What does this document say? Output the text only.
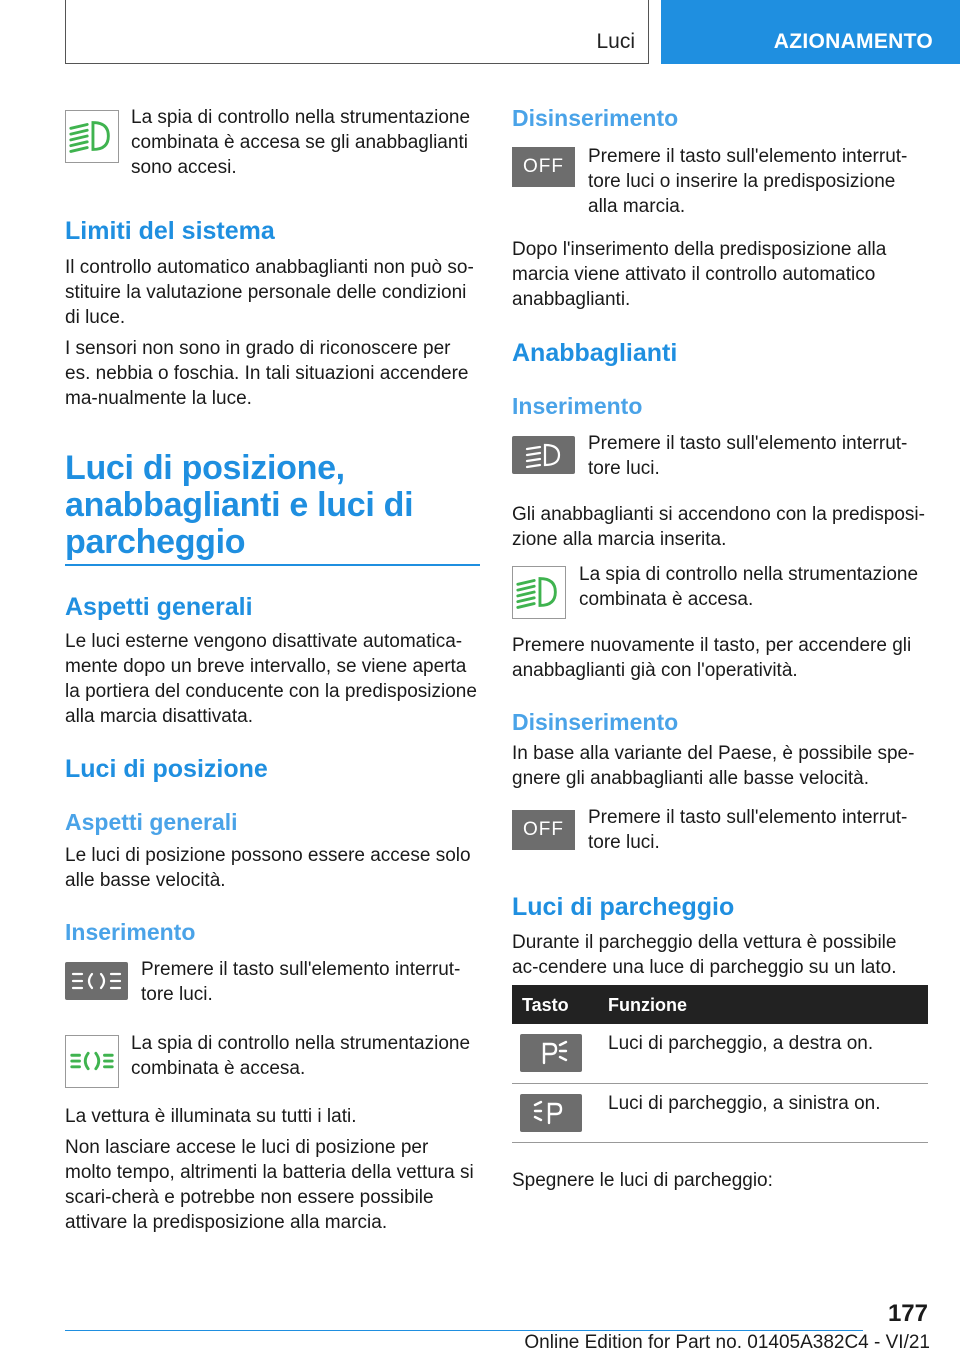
Luci	AZIONAMENTO
La spia di controllo nella strumentazione combinata è accesa se gli anabbaglianti sono accesi.
Limiti del sistema
Il controllo automatico anabbaglianti non può so-stituire la valutazione personale delle condizioni di luce.
I sensori non sono in grado di riconoscere per es. nebbia o foschia. In tali situazioni accendere ma-nualmente la luce.
Luci di posizione,
anabbaglianti e luci di
parcheggio
Aspetti generali
Le luci esterne vengono disattivate automatica-mente dopo un breve intervallo, se viene aperta la portiera del conducente con la predisposizione alla marcia disattivata.
Luci di posizione
Aspetti generali
Le luci di posizione possono essere accese solo alle basse velocità.
Inserimento
Premere il tasto sull'elemento interrut-tore luci.
La spia di controllo nella strumentazione combinata è accesa.
La vettura è illuminata su tutti i lati.
Non lasciare accese le luci di posizione per molto tempo, altrimenti la batteria della vettura si scari-cherà e potrebbe non essere possibile attivare la predisposizione alla marcia.
Disinserimento
OFF	Premere il tasto sull'elemento interrut-tore luci o inserire la predisposizione alla marcia.
Dopo l'inserimento della predisposizione alla marcia viene attivato il controllo automatico anabbaglianti.
Anabbaglianti
Inserimento
Premere il tasto sull'elemento interrut-tore luci.
Gli anabbaglianti si accendono con la predisposi-zione alla marcia inserita.
La spia di controllo nella strumentazione combinata è accesa.
Premere nuovamente il tasto, per accendere gli anabbaglianti già con l'operatività.
Disinserimento
In base alla variante del Paese, è possibile spe-gnere gli anabbaglianti alle basse velocità.
OFF
Premere il tasto sull'elemento interrut-tore luci.
Luci di parcheggio
Durante il parcheggio della vettura è possibile ac-cendere una luce di parcheggio su un lato.
Tasto Funzione
Luci di parcheggio, a destra on.
Luci di parcheggio, a sinistra on.
Spegnere le luci di parcheggio:
177
Online Edition for Part no. 01405A382C4 - VI/21
